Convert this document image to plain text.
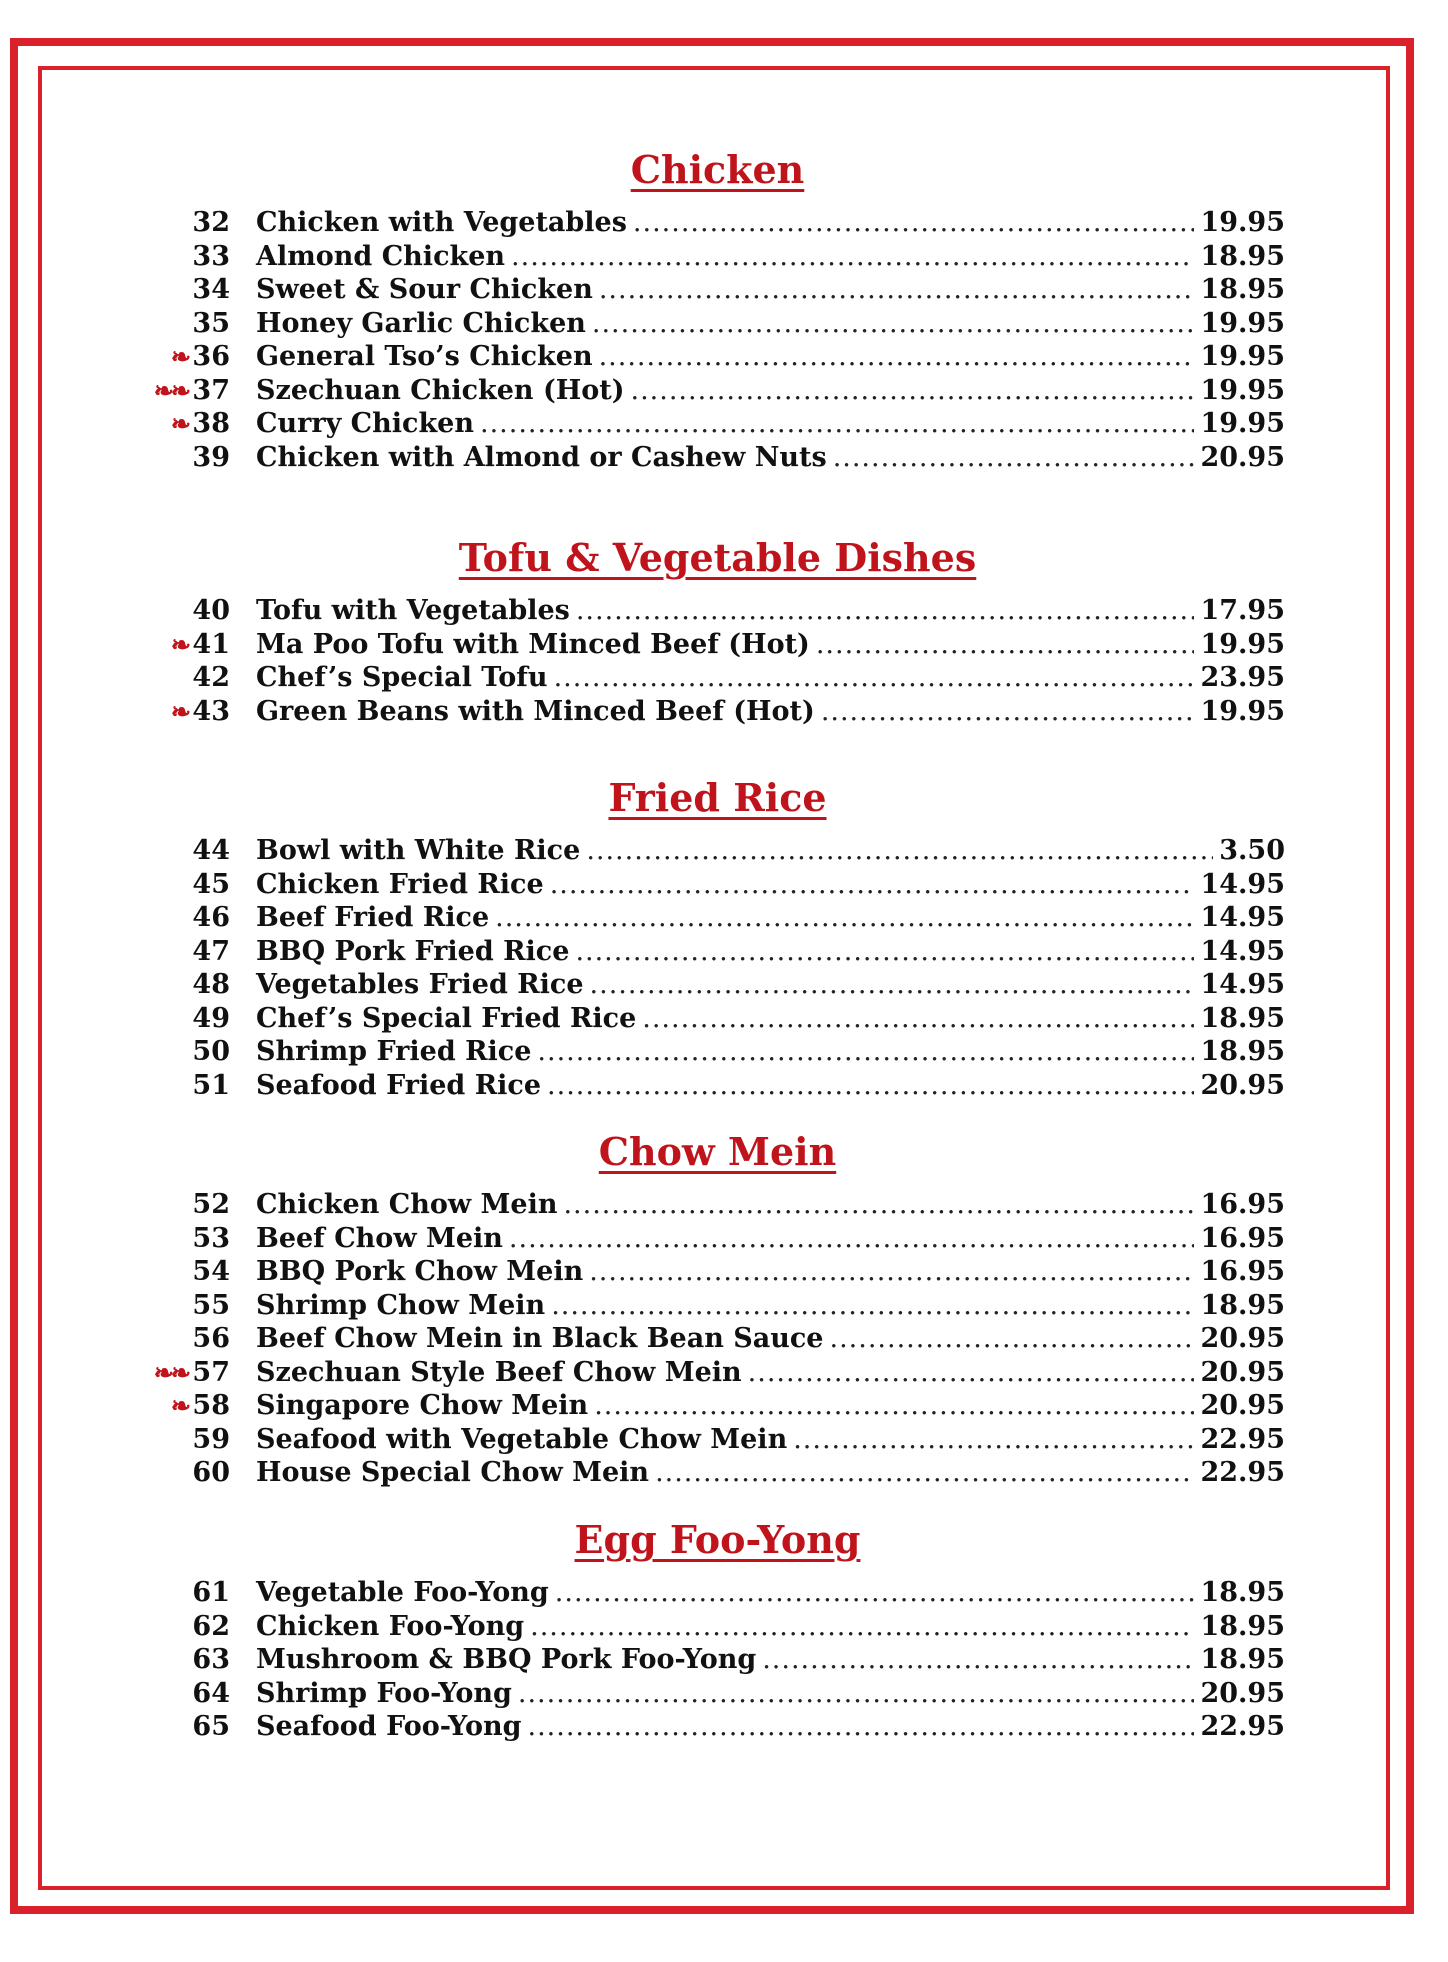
Chicken
32 Chicken with Vegetables .....	19.95
33 Almond Chicken .....	18.95
34 Sweet & Sour Chicken .....	18.95
35 Honey Garlic Chicken .....	19.95
❧ 36 General Tso’s Chicken .....	19.95
❧❧ 37 Szechuan Chicken (Hot) .....	19.95
❧ 38 Curry Chicken .....	19.95
39 Chicken with Almond or Cashew Nuts .....	20.95
Tofu & Vegetable Dishes
40 Tofu with Vegetables .....	17.95
❧ 41 Ma Poo Tofu with Minced Beef (Hot) .....	19.95
42 Chef’s Special Tofu .....	23.95
❧ 43 Green Beans with Minced Beef (Hot) .....	19.95
Fried Rice
44 Bowl with White Rice .....	3.50
45 Chicken Fried Rice .....	14.95
46 Beef Fried Rice .....	14.95
47 BBQ Pork Fried Rice .....	14.95
48 Vegetables Fried Rice .....	14.95
49 Chef’s Special Fried Rice .....	18.95
50 Shrimp Fried Rice .....	18.95
51 Seafood Fried Rice .....	20.95
Chow Mein
52 Chicken Chow Mein .....	16.95
53 Beef Chow Mein .....	16.95
54 BBQ Pork Chow Mein .....	16.95
55 Shrimp Chow Mein .....	18.95
56 Beef Chow Mein in Black Bean Sauce .....	20.95
❧❧ 57 Szechuan Style Beef Chow Mein .....	20.95
❧ 58 Singapore Chow Mein .....	20.95
59 Seafood with Vegetable Chow Mein .....	22.95
60 House Special Chow Mein .....	22.95
Egg Foo-Yong
61 Vegetable Foo-Yong .....	18.95
62 Chicken Foo-Yong .....	18.95
63 Mushroom & BBQ Pork Foo-Yong .....	18.95
64 Shrimp Foo-Yong .....	20.95
65 Seafood Foo-Yong .....	22.95
